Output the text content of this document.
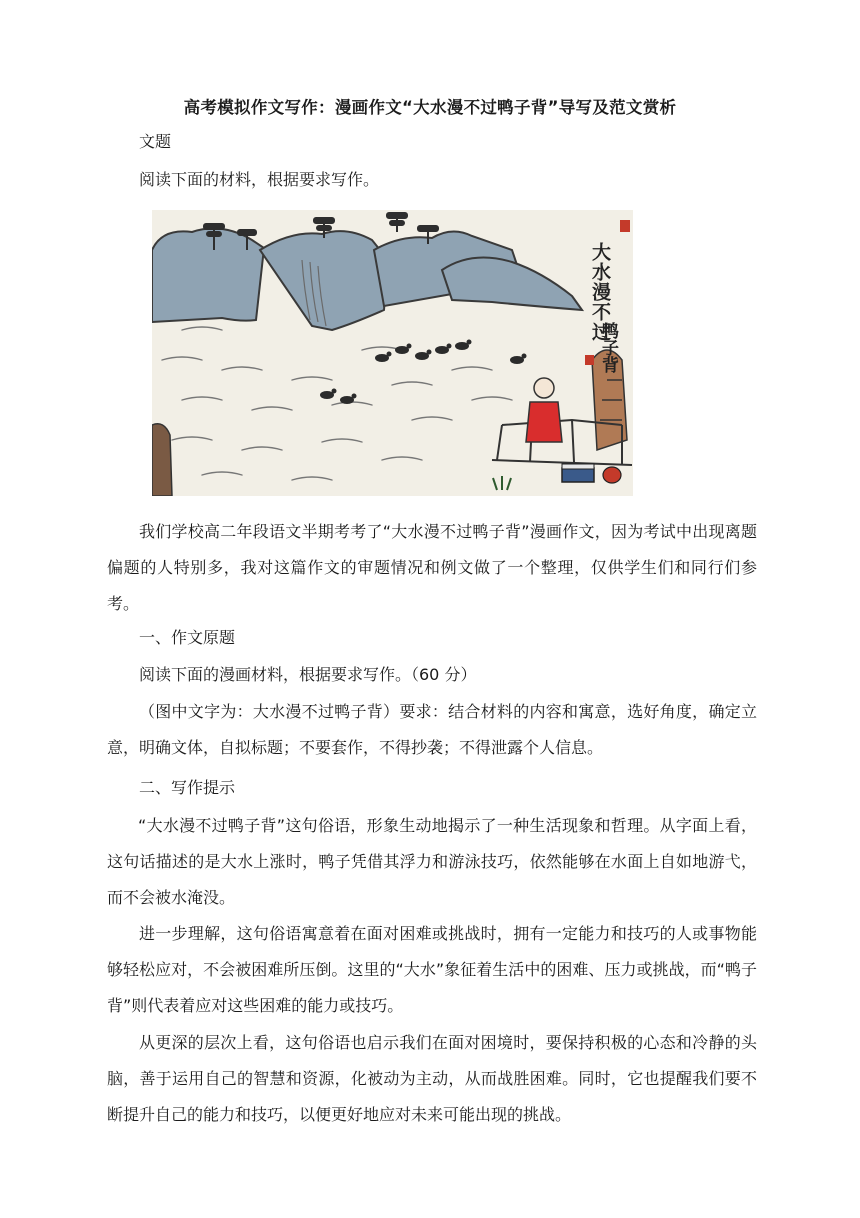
高考模拟作文写作：漫画作文“大水漫不过鸭子背”导写及范文赏析
文题
阅读下面的材料，根据要求写作。
大水漫不过
鸭子背
我们学校高二年段语文半期考考了“大水漫不过鸭子背”漫画作文，因为考试中出现离题偏题的人特别多，我对这篇作文的审题情况和例文做了一个整理，仅供学生们和同行们参考。
一、作文原题
阅读下面的漫画材料，根据要求写作。（60 分）
（图中文字为：大水漫不过鸭子背）要求：结合材料的内容和寓意，选好角度，确定立意，明确文体，自拟标题；不要套作，不得抄袭；不得泄露个人信息。
二、写作提示
“大水漫不过鸭子背”这句俗语，形象生动地揭示了一种生活现象和哲理。从字面上看，这句话描述的是大水上涨时，鸭子凭借其浮力和游泳技巧，依然能够在水面上自如地游弋，而不会被水淹没。
进一步理解，这句俗语寓意着在面对困难或挑战时，拥有一定能力和技巧的人或事物能够轻松应对，不会被困难所压倒。这里的“大水”象征着生活中的困难、压力或挑战，而“鸭子背”则代表着应对这些困难的能力或技巧。
从更深的层次上看，这句俗语也启示我们在面对困境时，要保持积极的心态和冷静的头脑，善于运用自己的智慧和资源，化被动为主动，从而战胜困难。同时，它也提醒我们要不断提升自己的能力和技巧，以便更好地应对未来可能出现的挑战。
